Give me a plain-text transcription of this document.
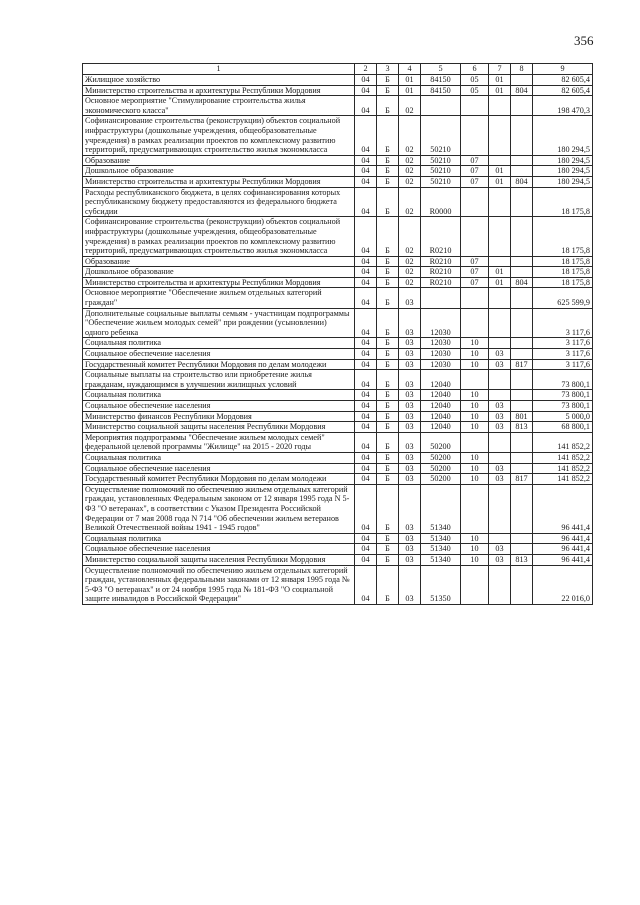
356
1	2	3	4	5	6	7	8	9
Жилищное хозяйство	04	Б	01	84150	05	01		82 605,4
Министерство строительства и архитектуры Республики Мордовия	04	Б	01	84150	05	01	804	82 605,4
Основное мероприятие "Стимулирование строительства жилья экономического класса"	04	Б	02					198 470,3
Софинансирование строительства (реконструкции) объектов социальной инфраструктуры (дошкольные учреждения, общеобразовательные учреждения) в рамках реализации проектов по комплексному развитию территорий, предусматривающих строительство жилья экономкласса	04	Б	02	50210				180 294,5
Образование	04	Б	02	50210	07			180 294,5
Дошкольное образование	04	Б	02	50210	07	01		180 294,5
Министерство строительства и архитектуры Республики Мордовия	04	Б	02	50210	07	01	804	180 294,5
Расходы республиканского бюджета, в целях софинансирования которых республиканскому бюджету предоставляются из федерального бюджета субсидии	04	Б	02	R0000				18 175,8
Софинансирование строительства (реконструкции) объектов социальной инфраструктуры (дошкольные учреждения, общеобразовательные учреждения) в рамках реализации проектов по комплексному развитию территорий, предусматривающих строительство жилья экономкласса	04	Б	02	R0210				18 175,8
Образование	04	Б	02	R0210	07			18 175,8
Дошкольное образование	04	Б	02	R0210	07	01		18 175,8
Министерство строительства и архитектуры Республики Мордовия	04	Б	02	R0210	07	01	804	18 175,8
Основное мероприятие "Обеспечение жильем отдельных категорий граждан"	04	Б	03					625 599,9
Дополнительные социальные выплаты семьям - участницам подпрограммы "Обеспечение жильем молодых семей" при рождении (усыновлении) одного ребенка	04	Б	03	12030				3 117,6
Социальная политика	04	Б	03	12030	10			3 117,6
Социальное обеспечение населения	04	Б	03	12030	10	03		3 117,6
Государственный комитет Республики Мордовия по делам молодежи	04	Б	03	12030	10	03	817	3 117,6
Социальные выплаты на строительство или приобретение жилья гражданам, нуждающимся в улучшении жилищных условий	04	Б	03	12040				73 800,1
Социальная политика	04	Б	03	12040	10			73 800,1
Социальное обеспечение населения	04	Б	03	12040	10	03		73 800,1
Министерство финансов Республики Мордовия	04	Б	03	12040	10	03	801	5 000,0
Министерство социальной защиты населения Республики Мордовия	04	Б	03	12040	10	03	813	68 800,1
Мероприятия подпрограммы "Обеспечение жильем молодых семей" федеральной целевой программы "Жилище" на 2015 - 2020 годы	04	Б	03	50200				141 852,2
Социальная политика	04	Б	03	50200	10			141 852,2
Социальное обеспечение населения	04	Б	03	50200	10	03		141 852,2
Государственный комитет Республики Мордовия по делам молодежи	04	Б	03	50200	10	03	817	141 852,2
Осуществление полномочий по обеспечению жильем отдельных категорий граждан, установленных Федеральным законом от 12 января 1995 года N 5-ФЗ "О ветеранах", в соответствии с Указом Президента Российской Федерации от 7 мая 2008 года N 714 "Об обеспечении жильем ветеранов Великой Отечественной войны 1941 - 1945 годов"	04	Б	03	51340				96 441,4
Социальная политика	04	Б	03	51340	10			96 441,4
Социальное обеспечение населения	04	Б	03	51340	10	03		96 441,4
Министерство социальной защиты населения Республики Мордовия	04	Б	03	51340	10	03	813	96 441,4
Осуществление полномочий по обеспечению жильем отдельных категорий граждан, установленных федеральными законами от 12 января 1995 года № 5-ФЗ "О ветеранах" и от 24 ноября 1995 года № 181-ФЗ "О социальной защите инвалидов в Российской Федерации"	04	Б	03	51350				22 016,0
